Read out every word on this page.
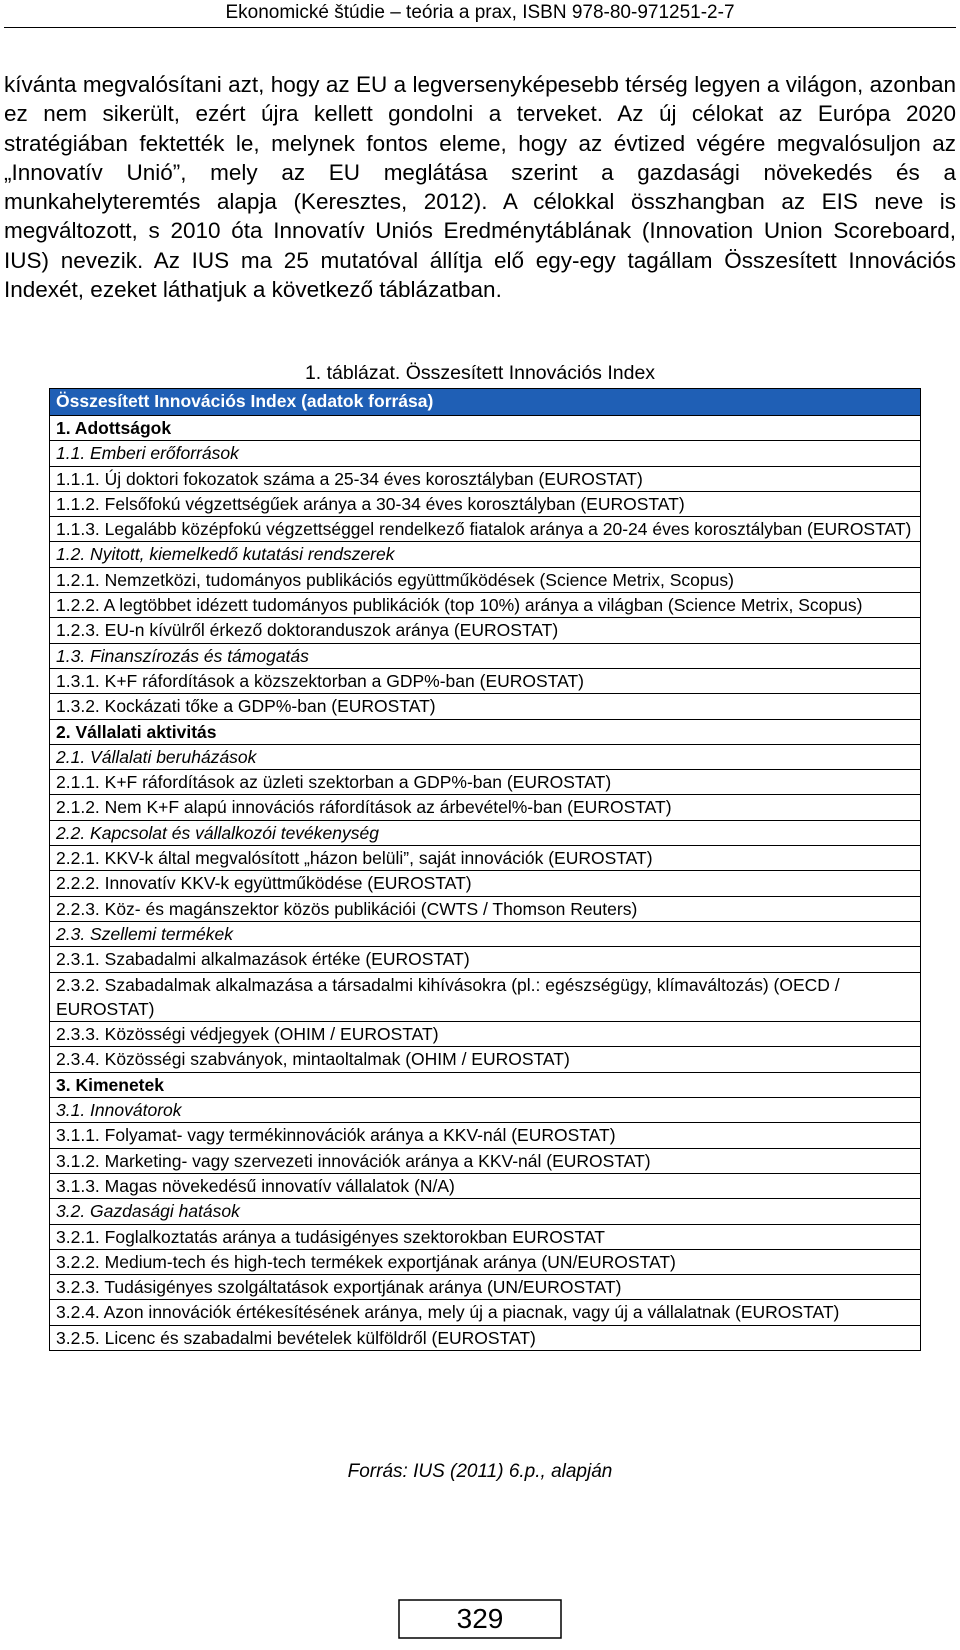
Ekonomické štúdie – teória a prax, ISBN 978-80-971251-2-7

kívánta megvalósítani azt, hogy az EU a legversenyképesebb térség legyen a világon, azonban ez nem sikerült, ezért újra kellett gondolni a terveket. Az új célokat az Európa 2020 stratégiában fektették le, melynek fontos eleme, hogy az évtized végére megvalósuljon az „Innovatív Unió”, mely az EU meglátása szerint a gazdasági növekedés és a munkahelyteremtés alapja (Keresztes, 2012). A célokkal összhangban az EIS neve is megváltozott, s 2010 óta Innovatív Uniós Eredménytáblának (Innovation Union Scoreboard, IUS) nevezik. Az IUS ma 25 mutatóval állítja elő egy-egy tagállam Összesített Innovációs Indexét, ezeket láthatjuk a következő táblázatban.

1. táblázat. Összesített Innovációs Index
Összesített Innovációs Index (adatok forrása)
1. Adottságok
1.1. Emberi erőforrások
1.1.1. Új doktori fokozatok száma a 25-34 éves korosztályban (EUROSTAT)
1.1.2. Felsőfokú végzettségűek aránya a 30-34 éves korosztályban (EUROSTAT)
1.1.3. Legalább középfokú végzettséggel rendelkező fiatalok aránya a 20-24 éves korosztályban (EUROSTAT)
1.2. Nyitott, kiemelkedő kutatási rendszerek
1.2.1. Nemzetközi, tudományos publikációs együttműködések (Science Metrix, Scopus)
1.2.2. A legtöbbet idézett tudományos publikációk (top 10%) aránya a világban (Science Metrix, Scopus)
1.2.3. EU-n kívülről érkező doktoranduszok aránya (EUROSTAT)
1.3. Finanszírozás és támogatás
1.3.1. K+F ráfordítások a közszektorban a GDP%-ban (EUROSTAT)
1.3.2. Kockázati tőke a GDP%-ban (EUROSTAT)
2. Vállalati aktivitás
2.1. Vállalati beruházások
2.1.1. K+F ráfordítások az üzleti szektorban a GDP%-ban (EUROSTAT)
2.1.2. Nem K+F alapú innovációs ráfordítások az árbevétel%-ban (EUROSTAT)
2.2. Kapcsolat és vállalkozói tevékenység
2.2.1. KKV-k által megvalósított „házon belüli”, saját innovációk (EUROSTAT)
2.2.2. Innovatív KKV-k együttműködése (EUROSTAT)
2.2.3. Köz- és magánszektor közös publikációi (CWTS / Thomson Reuters)
2.3. Szellemi termékek
2.3.1. Szabadalmi alkalmazások értéke (EUROSTAT)
2.3.2. Szabadalmak alkalmazása a társadalmi kihívásokra (pl.: egészségügy, klímaváltozás) (OECD / EUROSTAT)
2.3.3. Közösségi védjegyek (OHIM / EUROSTAT)
2.3.4. Közösségi szabványok, mintaoltalmak (OHIM / EUROSTAT)
3. Kimenetek
3.1. Innovátorok
3.1.1. Folyamat- vagy termékinnovációk aránya a KKV-nál (EUROSTAT)
3.1.2. Marketing- vagy szervezeti innovációk aránya a KKV-nál (EUROSTAT)
3.1.3. Magas növekedésű innovatív vállalatok (N/A)
3.2. Gazdasági hatások
3.2.1. Foglalkoztatás aránya a tudásigényes szektorokban EUROSTAT
3.2.2. Medium-tech és high-tech termékek exportjának aránya (UN/EUROSTAT)
3.2.3. Tudásigényes szolgáltatások exportjának aránya (UN/EUROSTAT)
3.2.4. Azon innovációk értékesítésének aránya, mely új a piacnak, vagy új a vállalatnak (EUROSTAT)
3.2.5. Licenc és szabadalmi bevételek külföldről (EUROSTAT)
Forrás: IUS (2011) 6.p., alapján
329
